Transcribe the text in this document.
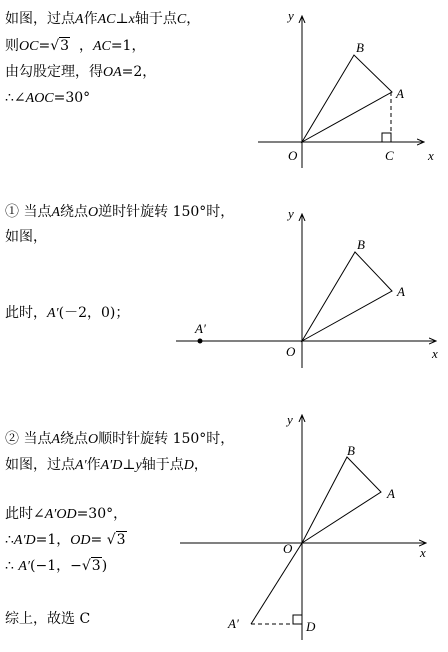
如图，过点A作AC⊥x轴于点C，
则OC=√3 ，AC=1，
由勾股定理，得OA=2，
∴∠AOC=30°
① 当点A绕点O逆时针旋转 150°时，
如图，
此时，A′(－2，0)；
② 当点A绕点O顺时针旋转 150°时，
如图，过点A′作A′D⊥y轴于点D，
此时∠A′OD=30°，
∴A′D=1，OD= √3
∴ A′(−1，−√3)
综上，故选 C
y
B
A
O	C	x
y
B
A
A′
O	x
y
B
A
O	x
A′	D
